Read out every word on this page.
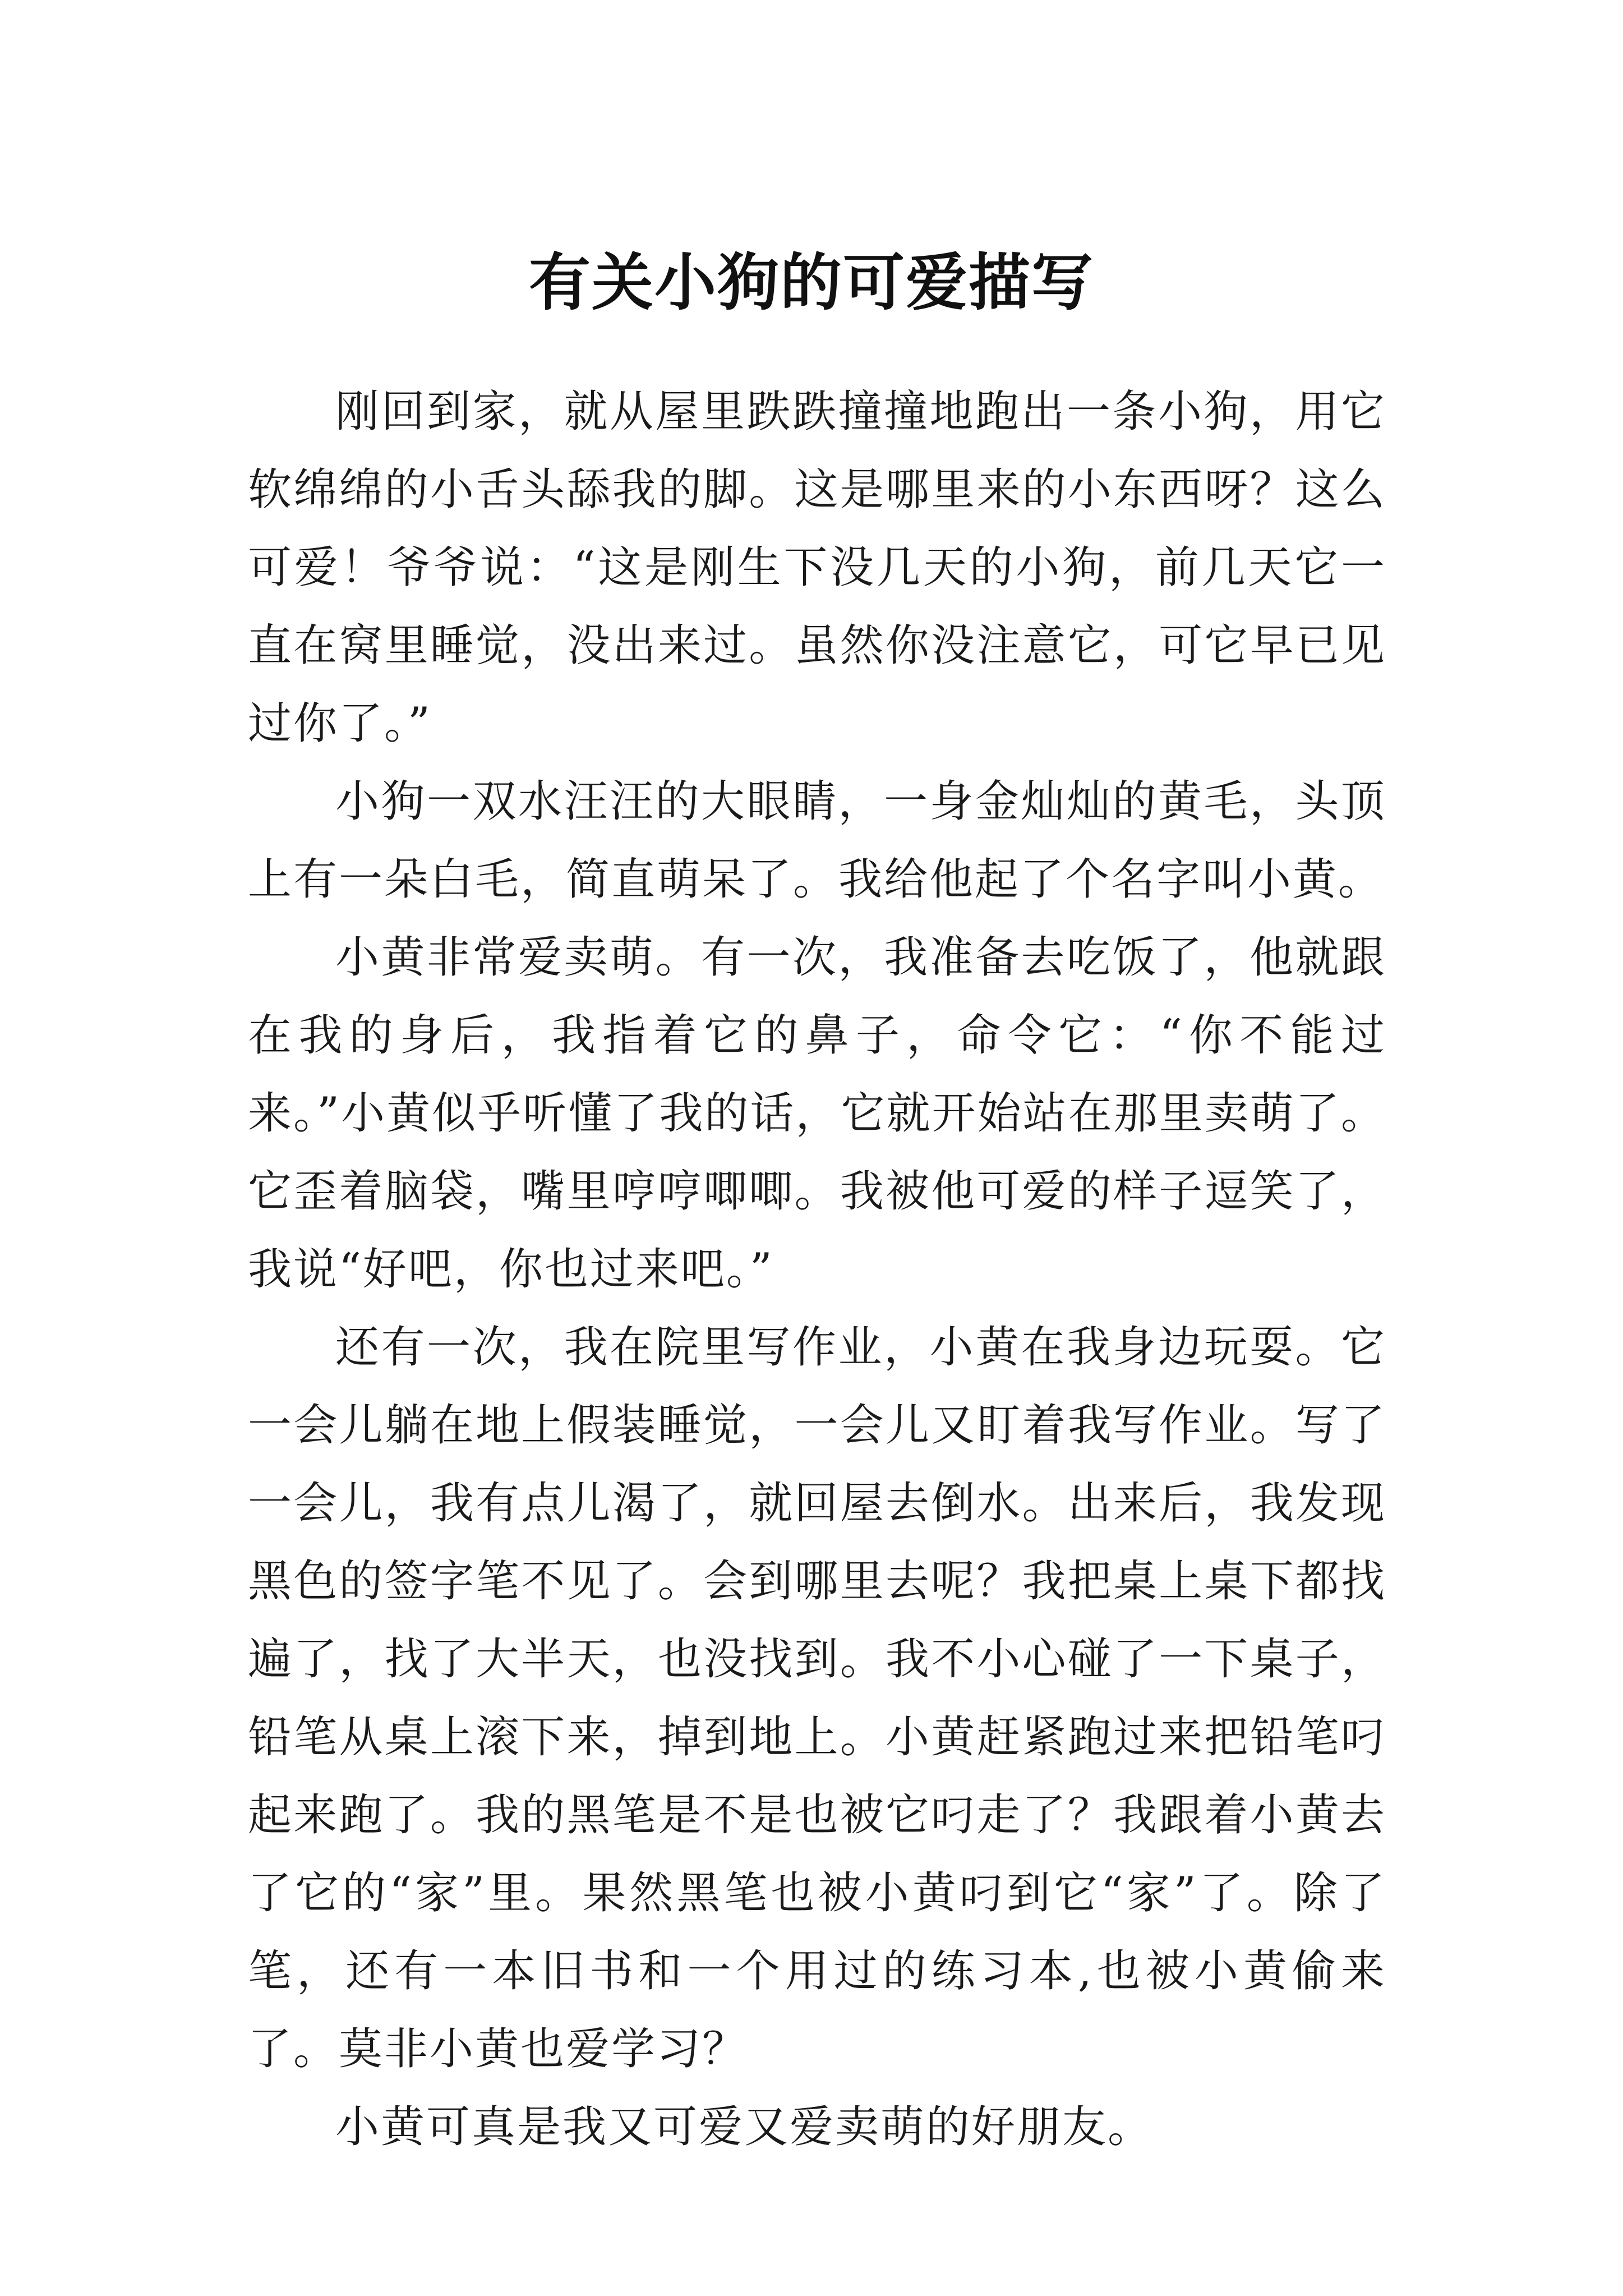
有关小狗的可爱描写

刚回到家，就从屋里跌跌撞撞地跑出一条小狗，用它软绵绵的小舌头舔我的脚。这是哪里来的小东西呀？这么可爱！爷爷说：“这是刚生下没几天的小狗，前几天它一直在窝里睡觉，没出来过。虽然你没注意它，可它早已见过你了。”

小狗一双水汪汪的大眼睛，一身金灿灿的黄毛，头顶上有一朵白毛，简直萌呆了。我给他起了个名字叫小黄。

小黄非常爱卖萌。有一次，我准备去吃饭了，他就跟在我的身后，我指着它的鼻子，命令它：“你不能过来。”小黄似乎听懂了我的话，它就开始站在那里卖萌了。它歪着脑袋，嘴里哼哼唧唧。我被他可爱的样子逗笑了，我说“好吧，你也过来吧。”

还有一次，我在院里写作业，小黄在我身边玩耍。它一会儿躺在地上假装睡觉，一会儿又盯着我写作业。写了一会儿，我有点儿渴了，就回屋去倒水。出来后，我发现黑色的签字笔不见了。会到哪里去呢？我把桌上桌下都找遍了，找了大半天，也没找到。我不小心碰了一下桌子，铅笔从桌上滚下来，掉到地上。小黄赶紧跑过来把铅笔叼起来跑了。我的黑笔是不是也被它叼走了？我跟着小黄去了它的“家”里。果然黑笔也被小黄叼到它“家”了。除了笔，还有一本旧书和一个用过的练习本,也被小黄偷来了。莫非小黄也爱学习？

小黄可真是我又可爱又爱卖萌的好朋友。
